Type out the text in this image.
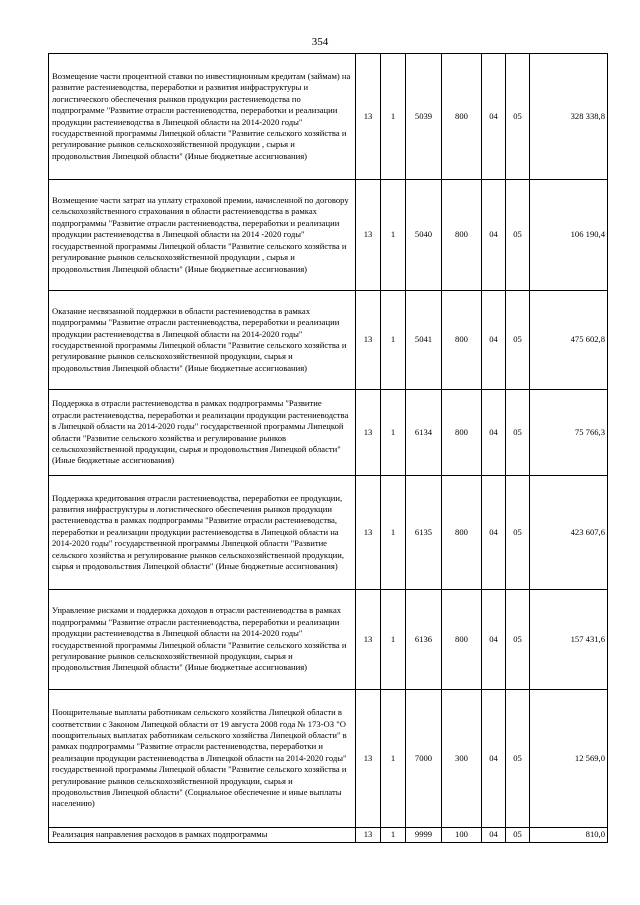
354
Возмещение части процентной ставки по инвестиционным кредитам (займам) на развитие растениеводства, переработки и развития инфраструктуры и логистического обеспечения рынков продукции растениеводства по подпрограмме "Развитие отрасли растениеводства, переработки и реализации продукции растениеводства в Липецкой области на 2014-2020 годы" государственной программы Липецкой области "Развитие сельского хозяйства и регулирование рынков сельскохозяйственной продукции , сырья и продовольствия Липецкой области" (Иные бюджетные ассигнования)	13	1	5039	800	04	05	328 338,8
Возмещение части затрат на уплату страховой премии, начисленной по договору сельскохозяйственного страхования в области растениеводства в рамках подпрограммы "Развитие отрасли растениеводства, переработки и реализации продукции растениеводства в Липецкой области на 2014 -2020 годы" государственной программы Липецкой области "Развитие сельского хозяйства и регулирование рынков сельскохозяйственной продукции , сырья и продовольствия Липецкой области" (Иные бюджетные ассигнования)	13	1	5040	800	04	05	106 190,4
Оказание несвязанной поддержки в области растениеводства в рамках подпрограммы "Развитие отрасли растениеводства, переработки и реализации продукции растениеводства в Липецкой области на 2014-2020 годы" государственной программы Липецкой области "Развитие сельского хозяйства и регулирование рынков сельскохозяйственной продукции, сырья и продовольствия Липецкой области" (Иные бюджетные ассигнования)	13	1	5041	800	04	05	475 602,8
Поддержка в отрасли растениеводства в рамках подпрограммы "Развитие отрасли растениеводства, переработки и реализации продукции растениеводства в Липецкой области на 2014-2020 годы" государственной программы Липецкой области "Развитие сельского хозяйства и регулирование рынков сельскохозяйственной продукции, сырья и продовольствия Липецкой области" (Иные бюджетные ассигнования)	13	1	6134	800	04	05	75 766,3
Поддержка кредитования отрасли растениеводства, переработки ее продукции, развития инфраструктуры и логистического обеспечения рынков продукции растениеводства в рамках подпрограммы "Развитие отрасли растениеводства, переработки и реализации продукции растениеводства в Липецкой области на 2014-2020 годы" государственной программы Липецкой области "Развитие сельского хозяйства и регулирование рынков сельскохозяйственной продукции, сырья и продовольствия Липецкой области" (Иные бюджетные ассигнования)	13	1	6135	800	04	05	423 607,6
Управление рисками и поддержка доходов в отрасли растениеводства в рамках подпрограммы "Развитие отрасли растениеводства, переработки и реализации продукции растениеводства в Липецкой области на 2014-2020 годы" государственной программы Липецкой области "Развитие сельского хозяйства и регулирование рынков сельскохозяйственной продукции, сырья и продовольствия Липецкой области" (Иные бюджетные ассигнования)	13	1	6136	800	04	05	157 431,6
Поощрительные выплаты работникам сельского хозяйства Липецкой области в соответствии с Законом Липецкой области от 19 августа 2008 года № 173-ОЗ "О поощрительных выплатах работникам сельского хозяйства Липецкой области" в рамках подпрограммы "Развитие отрасли растениеводства, переработки и реализации продукции растениеводства в Липецкой области на 2014-2020 годы" государственной программы Липецкой области "Развитие сельского хозяйства и регулирование рынков сельскохозяйственной продукции, сырья и продовольствия Липецкой области" (Социальное обеспечение и иные выплаты населению)	13	1	7000	300	04	05	12 569,0
Реализация направления расходов в рамках подпрограммы	13	1	9999	100	04	05	810,0
